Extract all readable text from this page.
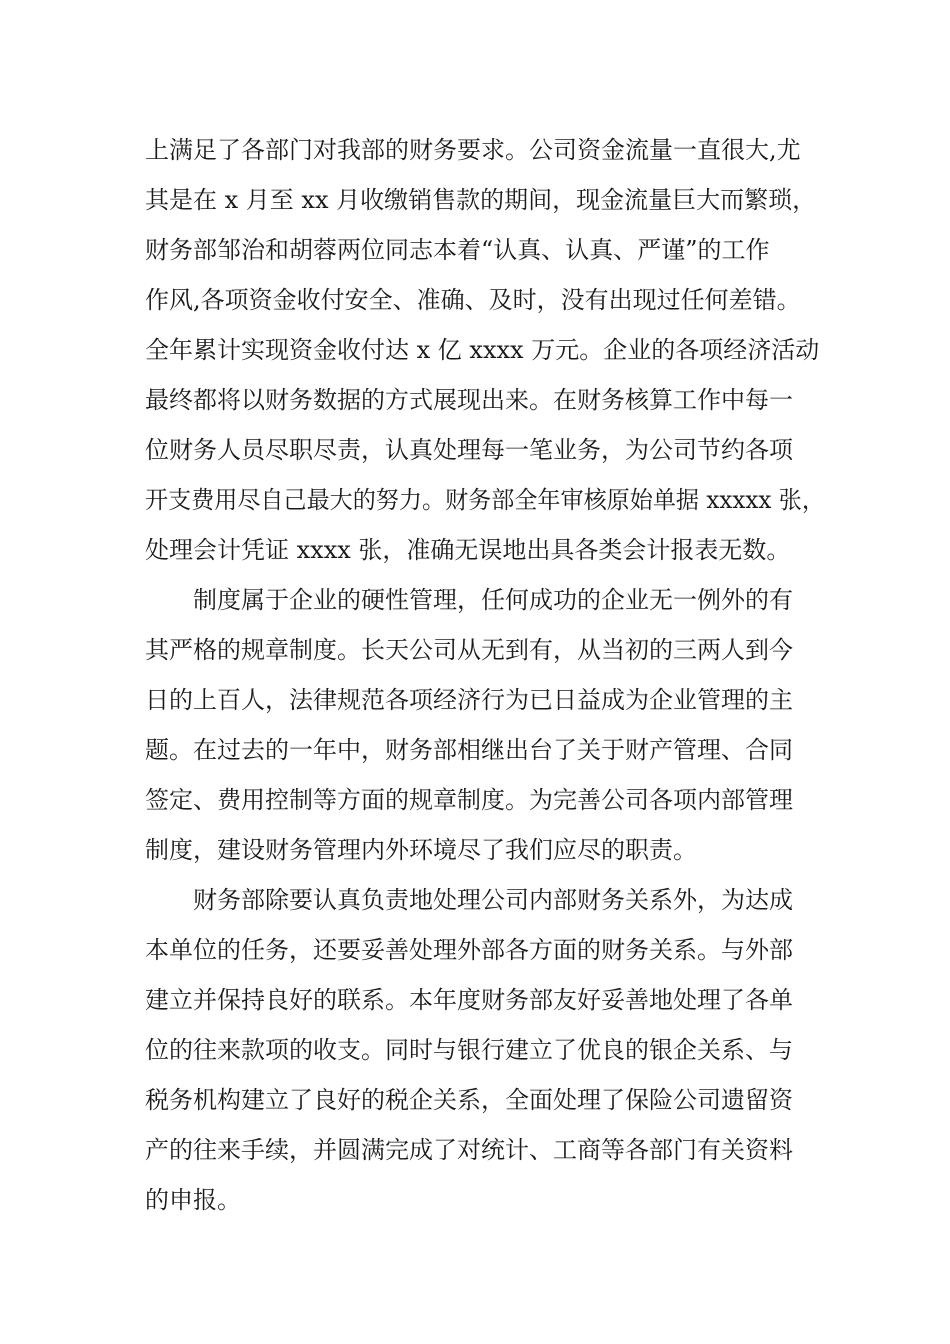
上满足了各部门对我部的财务要求。公司资金流量一直很大,尤
其是在 x 月至 xx 月收缴销售款的期间，现金流量巨大而繁琐，
财务部邹治和胡蓉两位同志本着“认真、认真、严谨”的工作
作风,各项资金收付安全、准确、及时，没有出现过任何差错。
全年累计实现资金收付达 x 亿 xxxx 万元。企业的各项经济活动
最终都将以财务数据的方式展现出来。在财务核算工作中每一
位财务人员尽职尽责，认真处理每一笔业务，为公司节约各项
开支费用尽自己最大的努力。财务部全年审核原始单据 xxxxx 张，
处理会计凭证 xxxx 张，准确无误地出具各类会计报表无数。
制度属于企业的硬性管理，任何成功的企业无一例外的有
其严格的规章制度。长天公司从无到有，从当初的三两人到今
日的上百人，法律规范各项经济行为已日益成为企业管理的主
题。在过去的一年中，财务部相继出台了关于财产管理、合同
签定、费用控制等方面的规章制度。为完善公司各项内部管理
制度，建设财务管理内外环境尽了我们应尽的职责。
财务部除要认真负责地处理公司内部财务关系外，为达成
本单位的任务，还要妥善处理外部各方面的财务关系。与外部
建立并保持良好的联系。本年度财务部友好妥善地处理了各单
位的往来款项的收支。同时与银行建立了优良的银企关系、与
税务机构建立了良好的税企关系，全面处理了保险公司遗留资
产的往来手续，并圆满完成了对统计、工商等各部门有关资料
的申报。
